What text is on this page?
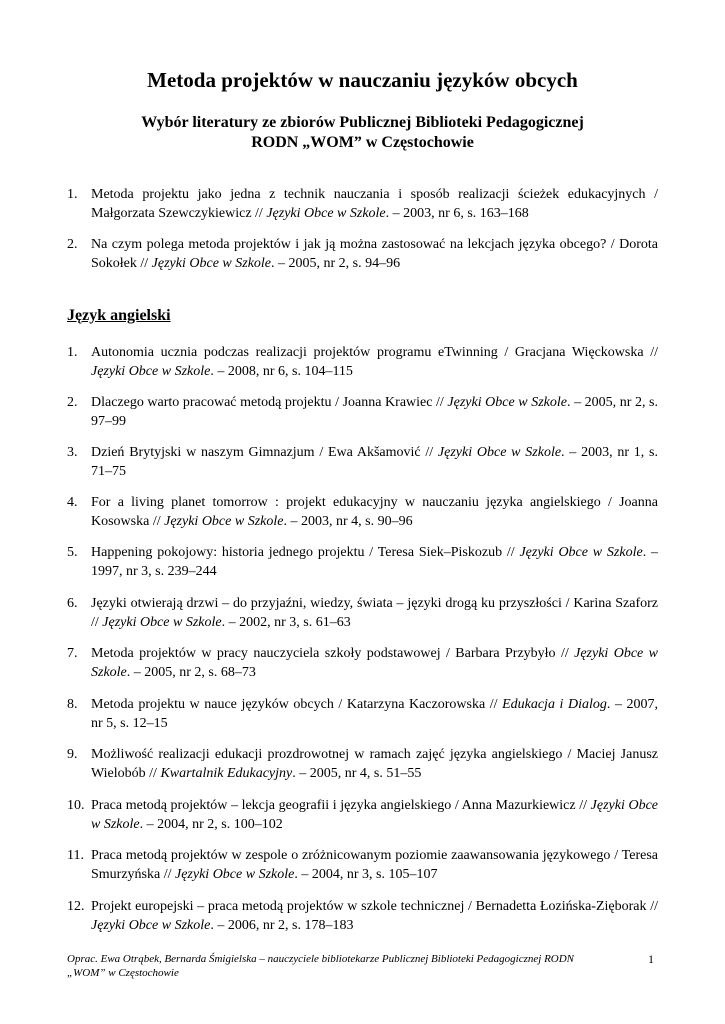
Metoda projektów w nauczaniu języków obcych
Wybór literatury ze zbiorów Publicznej Biblioteki Pedagogicznej
RODN „WOM” w Częstochowie
1. Metoda projektu jako jedna z technik nauczania i sposób realizacji ścieżek edukacyjnych / Małgorzata Szewczykiewicz // Języki Obce w Szkole. – 2003, nr 6, s. 163–168
2. Na czym polega metoda projektów i jak ją można zastosować na lekcjach języka obcego? / Dorota Sokołek // Języki Obce w Szkole. – 2005, nr 2, s. 94–96
Język angielski
1. Autonomia ucznia podczas realizacji projektów programu eTwinning / Gracjana Więckowska // Języki Obce w Szkole. – 2008, nr 6, s. 104–115
2. Dlaczego warto pracować metodą projektu / Joanna Krawiec // Języki Obce w Szkole. – 2005, nr 2, s. 97–99
3. Dzień Brytyjski w naszym Gimnazjum / Ewa Akšamović // Języki Obce w Szkole. – 2003, nr 1, s. 71–75
4. For a living planet tomorrow : projekt edukacyjny w nauczaniu języka angielskiego / Joanna Kosowska // Języki Obce w Szkole. – 2003, nr 4, s. 90–96
5. Happening pokojowy: historia jednego projektu / Teresa Siek–Piskozub // Języki Obce w Szkole. – 1997, nr 3, s. 239–244
6. Języki otwierają drzwi – do przyjaźni, wiedzy, świata – języki drogą ku przyszłości / Karina Szaforz // Języki Obce w Szkole. – 2002, nr 3, s. 61–63
7. Metoda projektów w pracy nauczyciela szkoły podstawowej / Barbara Przybyło // Języki Obce w Szkole. – 2005, nr 2, s. 68–73
8. Metoda projektu w nauce języków obcych / Katarzyna Kaczorowska // Edukacja i Dialog. – 2007, nr 5, s. 12–15
9. Możliwość realizacji edukacji prozdrowotnej w ramach zajęć języka angielskiego / Maciej Janusz Wielobób // Kwartalnik Edukacyjny. – 2005, nr 4, s. 51–55
10. Praca metodą projektów – lekcja geografii i języka angielskiego / Anna Mazurkiewicz // Języki Obce w Szkole. – 2004, nr 2, s. 100–102
11. Praca metodą projektów w zespole o zróżnicowanym poziomie zaawansowania językowego / Teresa Smurzyńska // Języki Obce w Szkole. – 2004, nr 3, s. 105–107
12. Projekt europejski – praca metodą projektów w szkole technicznej / Bernadetta Łozińska-Zięborak // Języki Obce w Szkole. – 2006, nr 2, s. 178–183
Oprac. Ewa Otrąbek, Bernarda Śmigielska – nauczyciele bibliotekarze Publicznej Biblioteki Pedagogicznej RODN
„WOM” w Częstochowie
1
